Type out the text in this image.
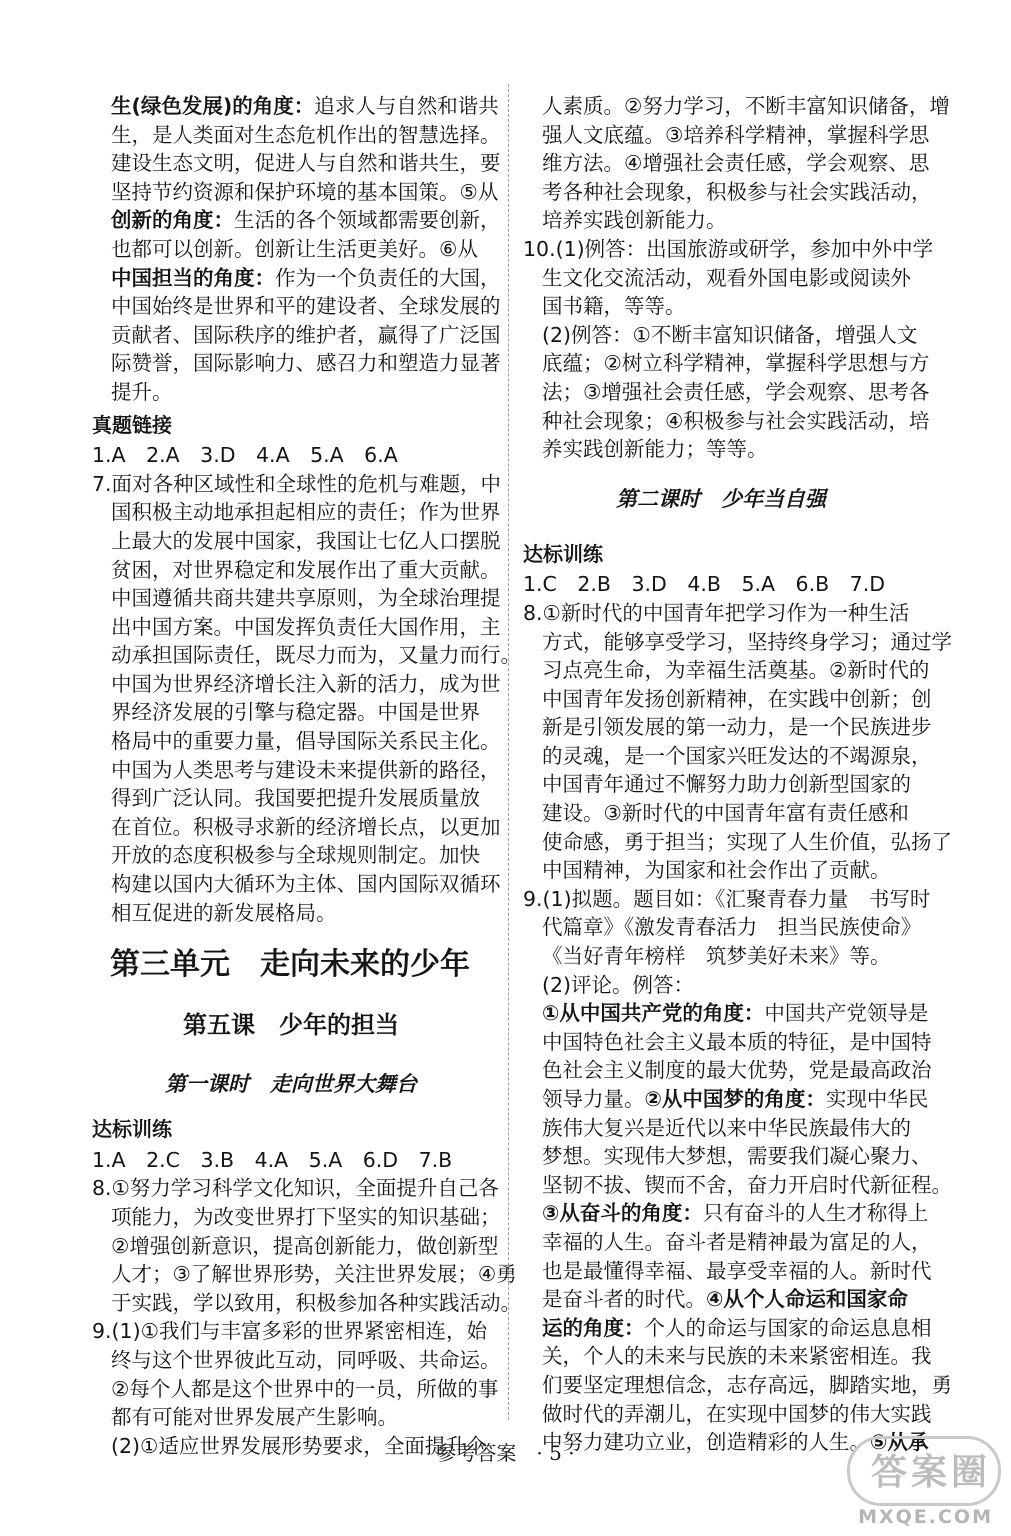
生(绿色发展)的角度：追求人与自然和谐共
生，是人类面对生态危机作出的智慧选择。
建设生态文明，促进人与自然和谐共生，要
坚持节约资源和保护环境的基本国策。⑤从
创新的角度：生活的各个领域都需要创新，
也都可以创新。创新让生活更美好。⑥从
中国担当的角度：作为一个负责任的大国，
中国始终是世界和平的建设者、全球发展的
贡献者、国际秩序的维护者，赢得了广泛国
际赞誉，国际影响力、感召力和塑造力显著
提升。
真题链接
1.A　2.A　3.D　4.A　5.A　6.A
7.面对各种区域性和全球性的危机与难题，中
国积极主动地承担起相应的责任；作为世界
上最大的发展中国家，我国让七亿人口摆脱
贫困，对世界稳定和发展作出了重大贡献。
中国遵循共商共建共享原则，为全球治理提
出中国方案。中国发挥负责任大国作用，主
动承担国际责任，既尽力而为，又量力而行。
中国为世界经济增长注入新的活力，成为世
界经济发展的引擎与稳定器。中国是世界
格局中的重要力量，倡导国际关系民主化。
中国为人类思考与建设未来提供新的路径，
得到广泛认同。我国要把提升发展质量放
在首位。积极寻求新的经济增长点，以更加
开放的态度积极参与全球规则制定。加快
构建以国内大循环为主体、国内国际双循环
相互促进的新发展格局。
第三单元　走向未来的少年
第五课　少年的担当
第一课时　走向世界大舞台
达标训练
1.A　2.C　3.B　4.A　5.A　6.D　7.B
8.①努力学习科学文化知识，全面提升自己各
项能力，为改变世界打下坚实的知识基础；
②增强创新意识，提高创新能力，做创新型
人才；③了解世界形势，关注世界发展；④勇
于实践，学以致用，积极参加各种实践活动。
9.(1)①我们与丰富多彩的世界紧密相连，始
终与这个世界彼此互动，同呼吸、共命运。
②每个人都是这个世界中的一员，所做的事
都有可能对世界发展产生影响。
(2)①适应世界发展形势要求，全面提升个
人素质。②努力学习，不断丰富知识储备，增
强人文底蕴。③培养科学精神，掌握科学思
维方法。④增强社会责任感，学会观察、思
考各种社会现象，积极参与社会实践活动，
培养实践创新能力。
10.(1)例答：出国旅游或研学，参加中外中学
生文化交流活动，观看外国电影或阅读外
国书籍，等等。
(2)例答：①不断丰富知识储备，增强人文
底蕴；②树立科学精神，掌握科学思想与方
法；③增强社会责任感，学会观察、思考各
种社会现象；④积极参与社会实践活动，培
养实践创新能力；等等。
第二课时　少年当自强
达标训练
1.C　2.B　3.D　4.B　5.A　6.B　7.D
8.①新时代的中国青年把学习作为一种生活
方式，能够享受学习，坚持终身学习；通过学
习点亮生命，为幸福生活奠基。②新时代的
中国青年发扬创新精神，在实践中创新；创
新是引领发展的第一动力，是一个民族进步
的灵魂，是一个国家兴旺发达的不竭源泉，
中国青年通过不懈努力助力创新型国家的
建设。③新时代的中国青年富有责任感和
使命感，勇于担当；实现了人生价值，弘扬了
中国精神，为国家和社会作出了贡献。
9.(1)拟题。题目如：《汇聚青春力量　书写时
代篇章》《激发青春活力　担当民族使命》
《当好青年榜样　筑梦美好未来》等。
(2)评论。例答：
①从中国共产党的角度：中国共产党领导是
中国特色社会主义最本质的特征，是中国特
色社会主义制度的最大优势，党是最高政治
领导力量。②从中国梦的角度：实现中华民
族伟大复兴是近代以来中华民族最伟大的
梦想。实现伟大梦想，需要我们凝心聚力、
坚韧不拔、锲而不舍，奋力开启时代新征程。
③从奋斗的角度：只有奋斗的人生才称得上
幸福的人生。奋斗者是精神最为富足的人，
也是最懂得幸福、最享受幸福的人。新时代
是奋斗者的时代。④从个人命运和国家命
运的角度：个人的命运与国家的命运息息相
关，个人的未来与民族的未来紧密相连。我
们要坚定理想信念，志存高远，脚踏实地，勇
做时代的弄潮儿，在实现中国梦的伟大实践
中努力建功立业，创造精彩的人生。⑤从承
参考答案　· 5 ·	答案圈
MXQE.COM
